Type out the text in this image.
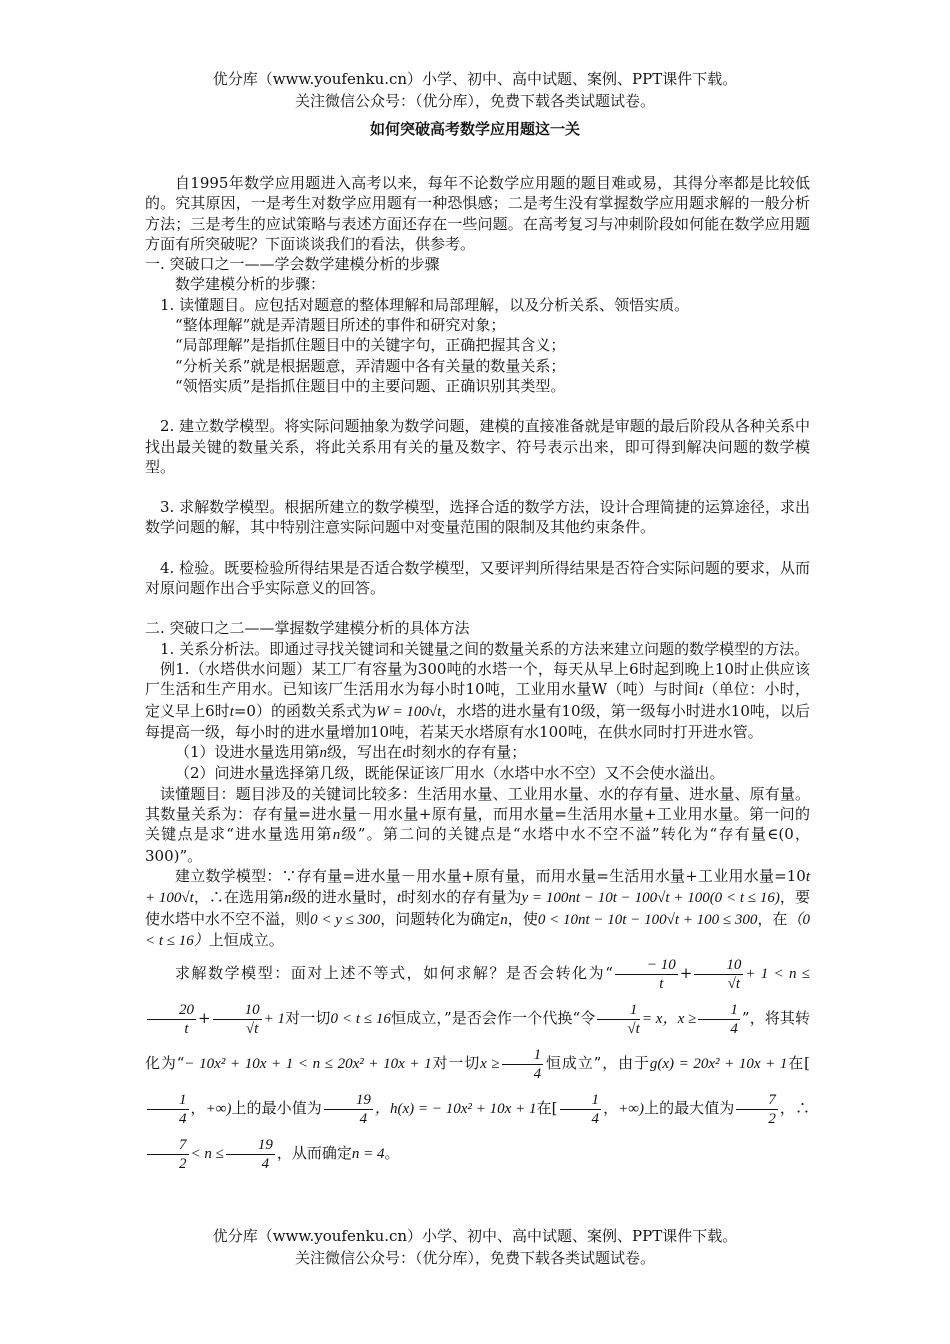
优分库（www.youfenku.cn）小学、初中、高中试题、案例、PPT课件下载。
关注微信公众号：（优分库），免费下载各类试题试卷。
如何突破高考数学应用题这一关

自1995年数学应用题进入高考以来，每年不论数学应用题的题目难或易，其得分率都是比较低的。究其原因，一是考生对数学应用题有一种恐惧感；二是考生没有掌握数学应用题求解的一般分析方法；三是考生的应试策略与表述方面还存在一些问题。在高考复习与冲刺阶段如何能在数学应用题方面有所突破呢？下面谈谈我们的看法，供参考。

一. 突破口之一——学会数学建模分析的步骤

数学建模分析的步骤：

1. 读懂题目。应包括对题意的整体理解和局部理解，以及分析关系、领悟实质。

“整体理解”就是弄清题目所述的事件和研究对象；

“局部理解”是指抓住题目中的关键字句，正确把握其含义；

“分析关系”就是根据题意，弄清题中各有关量的数量关系；

“领悟实质”是指抓住题目中的主要问题、正确识别其类型。

2. 建立数学模型。将实际问题抽象为数学问题，建模的直接准备就是审题的最后阶段从各种关系中找出最关键的数量关系，将此关系用有关的量及数字、符号表示出来，即可得到解决问题的数学模型。

3. 求解数学模型。根据所建立的数学模型，选择合适的数学方法，设计合理简捷的运算途径，求出数学问题的解，其中特别注意实际问题中对变量范围的限制及其他约束条件。

4. 检验。既要检验所得结果是否适合数学模型，又要评判所得结果是否符合实际问题的要求，从而对原问题作出合乎实际意义的回答。

二. 突破口之二——掌握数学建模分析的具体方法

1. 关系分析法。即通过寻找关键词和关键量之间的数量关系的方法来建立问题的数学模型的方法。

例1.（水塔供水问题）某工厂有容量为300吨的水塔一个，每天从早上6时起到晚上10时止供应该厂生活和生产用水。已知该厂生活用水为每小时10吨，工业用水量W（吨）与时间t（单位：小时，定义早上6时t=0）的函数关系式为W = 100√t，水塔的进水量有10级，第一级每小时进水10吨，以后每提高一级，每小时的进水量增加10吨，若某天水塔原有水100吨，在供水同时打开进水管。

（1）设进水量选用第n级，写出在t时刻水的存有量；

（2）问进水量选择第几级，既能保证该厂用水（水塔中水不空）又不会使水溢出。

读懂题目：题目涉及的关键词比较多：生活用水量、工业用水量、水的存有量、进水量、原有量。其数量关系为：存有量=进水量－用水量+原有量，而用水量=生活用水量+工业用水量。第一问的关键点是求“进水量选用第n级”。第二问的关键点是“水塔中水不空不溢”转化为“存有量∈(0，300)”。

建立数学模型：∵存有量=进水量－用水量+原有量，而用水量=生活用水量+工业用水量=10t + 100√t，∴在选用第n级的进水量时，t时刻水的存有量为y = 100nt − 10t − 100√t + 100(0 < t ≤ 16)，要使水塔中水不空不溢，则0 < y ≤ 300，问题转化为确定n，使0 < 10nt − 10t − 100√t + 100 ≤ 300，在（0 < t ≤ 16）上恒成立。

求解数学模型：面对上述不等式，如何求解？是否会转化为“ $\frac{- 10}{t} + \frac{10}{√t} + 1 < n$ ≤
$\frac{20}{t} + \frac{10}{√t} + 1$对一切0 < t ≤ 16恒成立，”是否会作一个代换“令 $\frac{1}{√t} = x$，$x \ge \frac{1}{4}$ ”，将其转化为“− 10x² + 10x + 1 < n ≤ 20x² + 10x + 1对一切$x \ge \frac{1}{4}$ 恒成立”，由于g(x) = 20x² + 10x + 1在[
$\frac{1}{4}$ ，+∞)上的最小值为 $\frac{19}{4}$ ，h(x) = − 10x² + 10x + 1在[ $\frac{1}{4}$ ，+∞)上的最大值为 $\frac{7}{2}$ ，∴
$\frac{7}{2} < n \le \frac{19}{4}$ ，从而确定n = 4。

优分库（www.youfenku.cn）小学、初中、高中试题、案例、PPT课件下载。
关注微信公众号：（优分库），免费下载各类试题试卷。
